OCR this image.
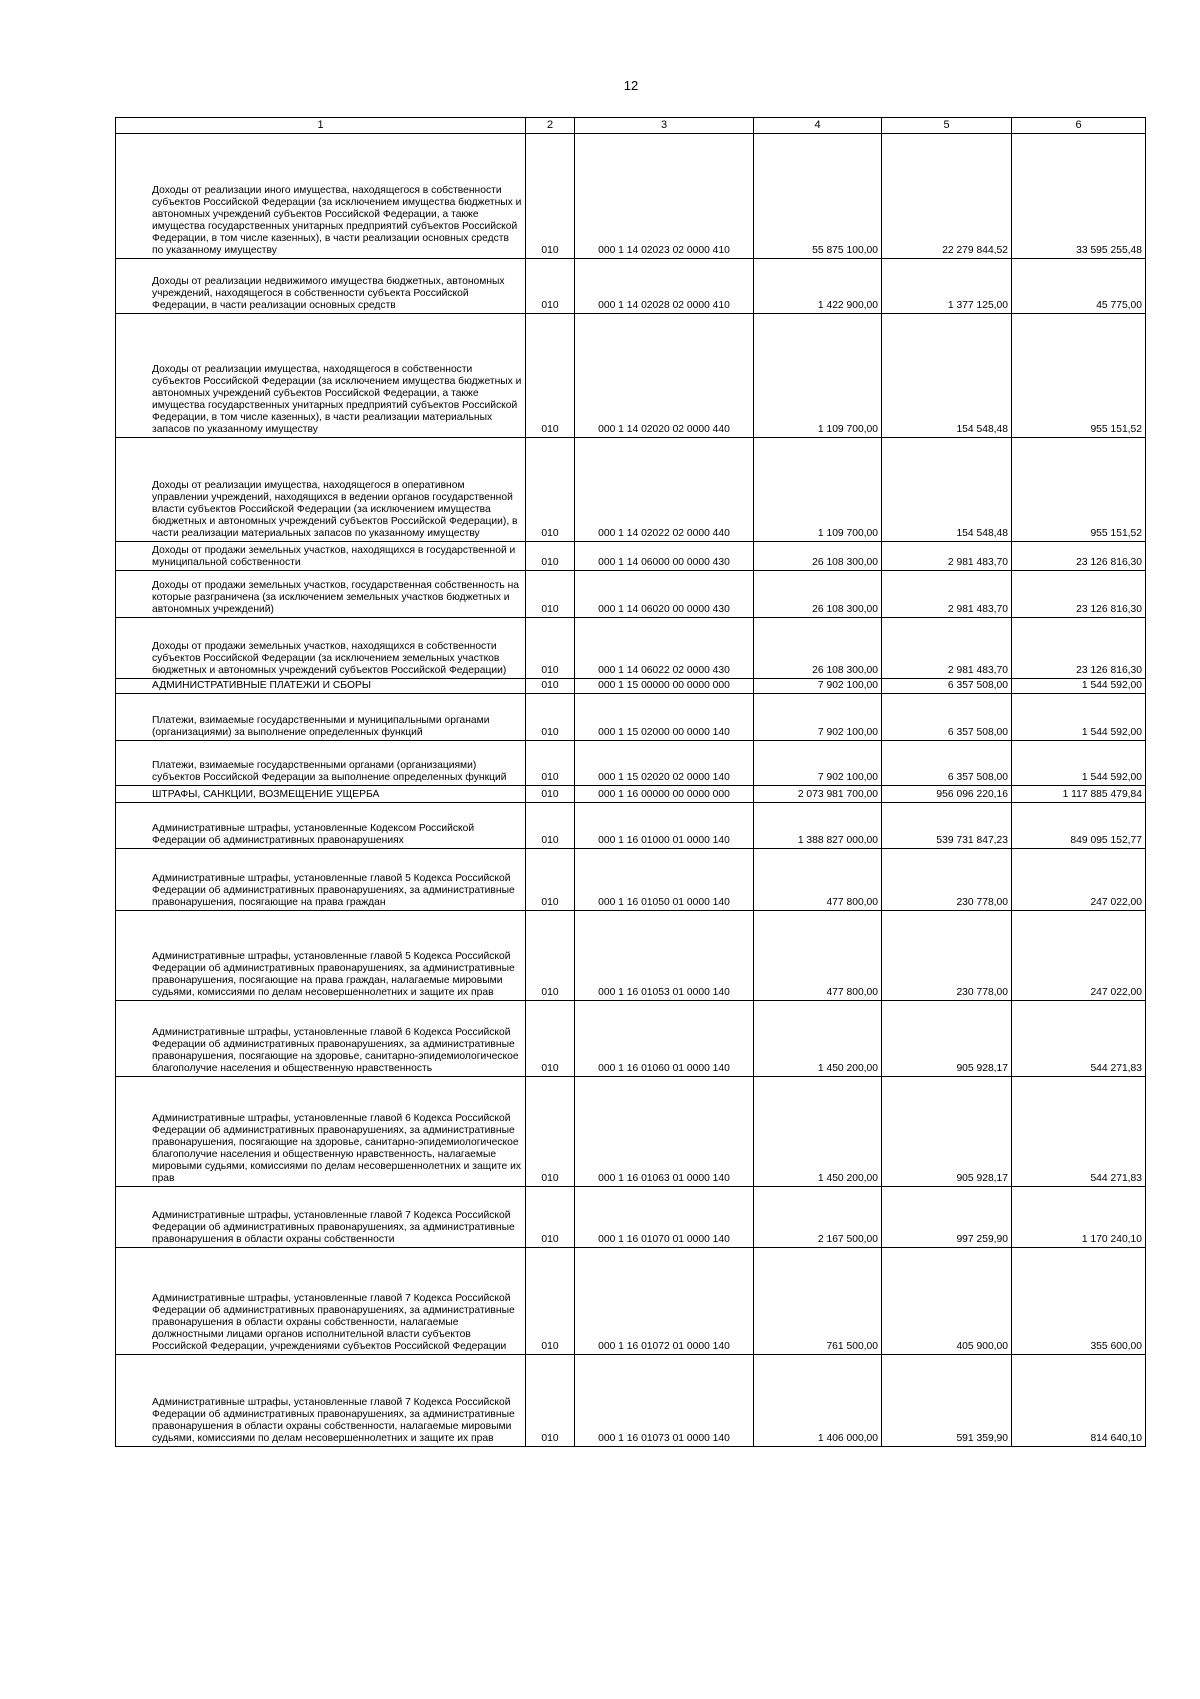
12
1	2	3	4	5	6
Доходы от реализации иного имущества, находящегося в собственности субъектов Российской Федерации (за исключением имущества бюджетных и автономных учреждений субъектов Российской Федерации, а также имущества государственных унитарных предприятий субъектов Российской Федерации, в том числе казенных), в части реализации основных средств по указанному имуществу	010	000 1 14 02023 02 0000 410	55 875 100,00	22 279 844,52	33 595 255,48
Доходы от реализации недвижимого имущества бюджетных, автономных учреждений, находящегося в собственности субъекта Российской Федерации, в части реализации основных средств	010	000 1 14 02028 02 0000 410	1 422 900,00	1 377 125,00	45 775,00
Доходы от реализации имущества, находящегося в собственности субъектов Российской Федерации (за исключением имущества бюджетных и автономных учреждений субъектов Российской Федерации, а также имущества государственных унитарных предприятий субъектов Российской Федерации, в том числе казенных), в части реализации материальных запасов по указанному имуществу	010	000 1 14 02020 02 0000 440	1 109 700,00	154 548,48	955 151,52
Доходы от реализации имущества, находящегося в оперативном управлении учреждений, находящихся в ведении органов государственной власти субъектов Российской Федерации (за исключением имущества бюджетных и автономных учреждений субъектов Российской Федерации), в части реализации материальных запасов по указанному имуществу	010	000 1 14 02022 02 0000 440	1 109 700,00	154 548,48	955 151,52
Доходы от продажи земельных участков, находящихся в государственной и муниципальной собственности	010	000 1 14 06000 00 0000 430	26 108 300,00	2 981 483,70	23 126 816,30
Доходы от продажи земельных участков, государственная собственность на которые разграничена (за исключением земельных участков бюджетных и автономных учреждений)	010	000 1 14 06020 00 0000 430	26 108 300,00	2 981 483,70	23 126 816,30
Доходы от продажи земельных участков, находящихся в собственности субъектов Российской Федерации (за исключением земельных участков бюджетных и автономных учреждений субъектов Российской Федерации)	010	000 1 14 06022 02 0000 430	26 108 300,00	2 981 483,70	23 126 816,30
АДМИНИСТРАТИВНЫЕ ПЛАТЕЖИ И СБОРЫ	010	000 1 15 00000 00 0000 000	7 902 100,00	6 357 508,00	1 544 592,00
Платежи, взимаемые государственными и муниципальными органами (организациями) за выполнение определенных функций	010	000 1 15 02000 00 0000 140	7 902 100,00	6 357 508,00	1 544 592,00
Платежи, взимаемые государственными органами (организациями) субъектов Российской Федерации за выполнение определенных функций	010	000 1 15 02020 02 0000 140	7 902 100,00	6 357 508,00	1 544 592,00
ШТРАФЫ, САНКЦИИ, ВОЗМЕЩЕНИЕ УЩЕРБА	010	000 1 16 00000 00 0000 000	2 073 981 700,00	956 096 220,16	1 117 885 479,84
Административные штрафы, установленные Кодексом Российской Федерации об административных правонарушениях	010	000 1 16 01000 01 0000 140	1 388 827 000,00	539 731 847,23	849 095 152,77
Административные штрафы, установленные главой 5 Кодекса Российской Федерации об административных правонарушениях, за административные правонарушения, посягающие на права граждан	010	000 1 16 01050 01 0000 140	477 800,00	230 778,00	247 022,00
Административные штрафы, установленные главой 5 Кодекса Российской Федерации об административных правонарушениях, за административные правонарушения, посягающие на права граждан, налагаемые мировыми судьями, комиссиями по делам несовершеннолетних и защите их прав	010	000 1 16 01053 01 0000 140	477 800,00	230 778,00	247 022,00
Административные штрафы, установленные главой 6 Кодекса Российской Федерации об административных правонарушениях, за административные правонарушения, посягающие на здоровье, санитарно-эпидемиологическое благополучие населения и общественную нравственность	010	000 1 16 01060 01 0000 140	1 450 200,00	905 928,17	544 271,83
Административные штрафы, установленные главой 6 Кодекса Российской Федерации об административных правонарушениях, за административные правонарушения, посягающие на здоровье, санитарно-эпидемиологическое благополучие населения и общественную нравственность, налагаемые мировыми судьями, комиссиями по делам несовершеннолетних и защите их прав	010	000 1 16 01063 01 0000 140	1 450 200,00	905 928,17	544 271,83
Административные штрафы, установленные главой 7 Кодекса Российской Федерации об административных правонарушениях, за административные правонарушения в области охраны собственности	010	000 1 16 01070 01 0000 140	2 167 500,00	997 259,90	1 170 240,10
Административные штрафы, установленные главой 7 Кодекса Российской Федерации об административных правонарушениях, за административные правонарушения в области охраны собственности, налагаемые должностными лицами органов исполнительной власти субъектов Российской Федерации, учреждениями субъектов Российской Федерации	010	000 1 16 01072 01 0000 140	761 500,00	405 900,00	355 600,00
Административные штрафы, установленные главой 7 Кодекса Российской Федерации об административных правонарушениях, за административные правонарушения в области охраны собственности, налагаемые мировыми судьями, комиссиями по делам несовершеннолетних и защите их прав	010	000 1 16 01073 01 0000 140	1 406 000,00	591 359,90	814 640,10
